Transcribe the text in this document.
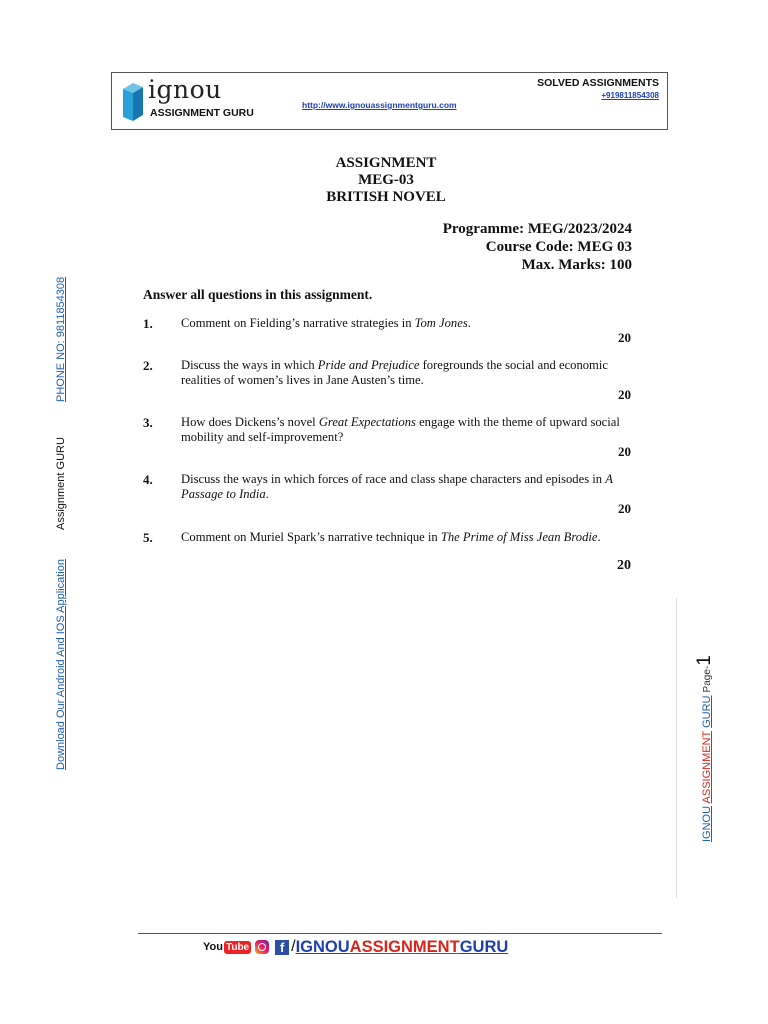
ignou
ASSIGNMENT GURU
http://www.ignouassignmentguru.com
SOLVED ASSIGNMENTS
+919811854308
ASSIGNMENT
MEG-03
BRITISH NOVEL
Programme: MEG/2023/2024
Course Code: MEG 03
Max. Marks: 100
Answer all questions in this assignment.
1. Comment on Fielding’s narrative strategies in Tom Jones.
20
2. Discuss the ways in which Pride and Prejudice foregrounds the social and economic realities of women’s lives in Jane Austen’s time.
20
3. How does Dickens’s novel Great Expectations engage with the theme of upward social mobility and self-improvement?
20
4. Discuss the ways in which forces of race and class shape characters and episodes in A Passage to India.
20
5. Comment on Muriel Spark’s narrative technique in The Prime of Miss Jean Brodie.
20
PHONE NO: 9811854308
Assignment GURU
Download Our Android And IOS Application
IGNOU ASSIGNMENT GURU Page-1
You Tube	f / IGNOU ASSIGNMENT GURU
